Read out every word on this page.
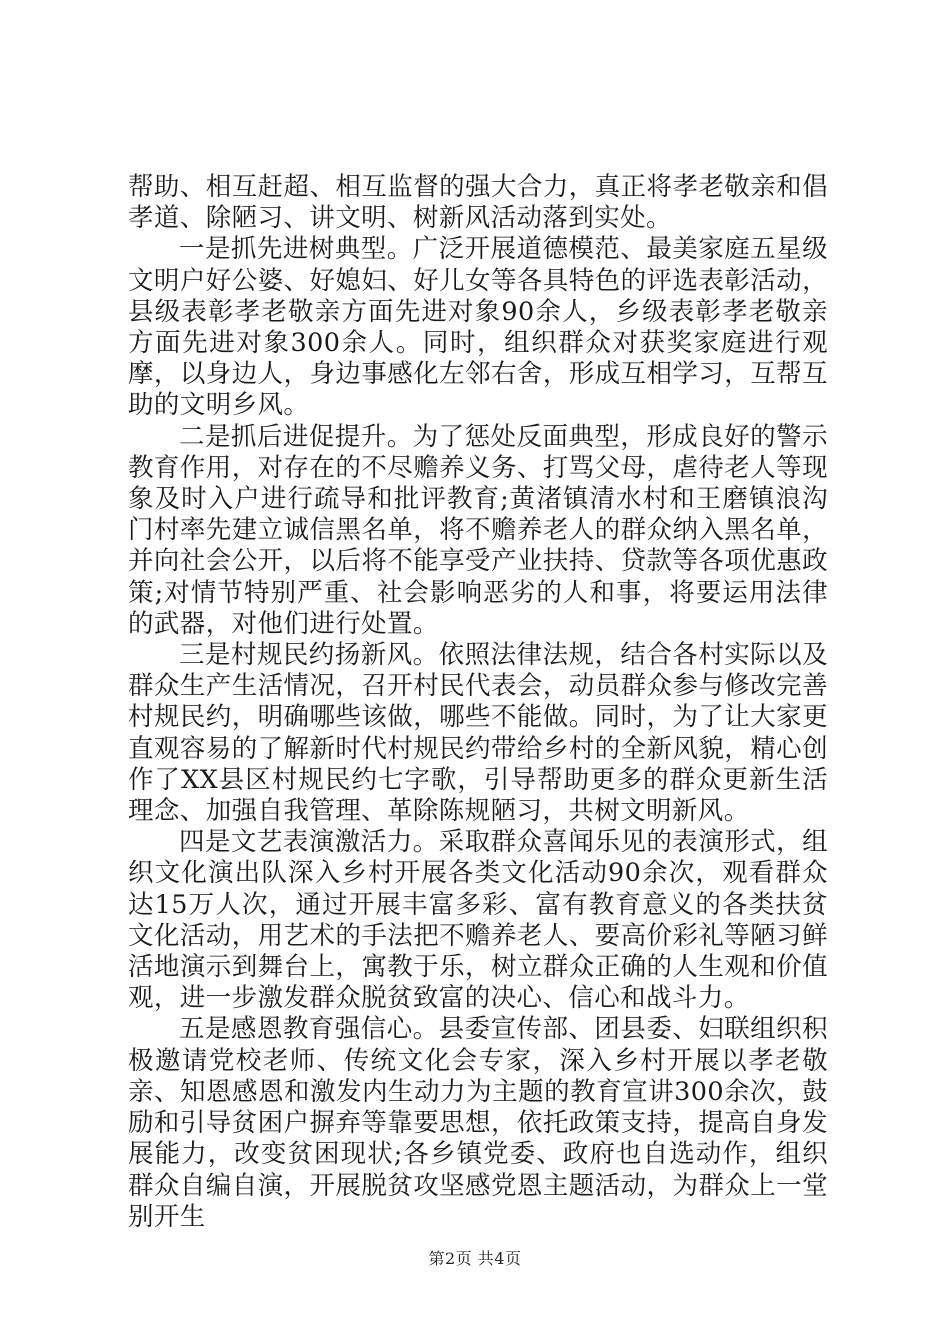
帮助、相互赶超、相互监督的强大合力，真正将孝老敬亲和倡孝道、除陋习、讲文明、树新风活动落到实处。

一是抓先进树典型。广泛开展道德模范、最美家庭五星级文明户好公婆、好媳妇、好儿女等各具特色的评选表彰活动，县级表彰孝老敬亲方面先进对象90余人，乡级表彰孝老敬亲方面先进对象300余人。同时，组织群众对获奖家庭进行观摩，以身边人，身边事感化左邻右舍，形成互相学习，互帮互助的文明乡风。

二是抓后进促提升。为了惩处反面典型，形成良好的警示教育作用，对存在的不尽赡养义务、打骂父母，虐待老人等现象及时入户进行疏导和批评教育;黄渚镇清水村和王磨镇浪沟门村率先建立诚信黑名单，将不赡养老人的群众纳入黑名单，并向社会公开，以后将不能享受产业扶持、贷款等各项优惠政策;对情节特别严重、社会影响恶劣的人和事，将要运用法律的武器，对他们进行处置。

三是村规民约扬新风。依照法律法规，结合各村实际以及群众生产生活情况，召开村民代表会，动员群众参与修改完善村规民约，明确哪些该做，哪些不能做。同时，为了让大家更直观容易的了解新时代村规民约带给乡村的全新风貌，精心创作了XX县区村规民约七字歌，引导帮助更多的群众更新生活理念、加强自我管理、革除陈规陋习，共树文明新风。

四是文艺表演激活力。采取群众喜闻乐见的表演形式，组织文化演出队深入乡村开展各类文化活动90余次，观看群众达15万人次，通过开展丰富多彩、富有教育意义的各类扶贫文化活动，用艺术的手法把不赡养老人、要高价彩礼等陋习鲜活地演示到舞台上，寓教于乐，树立群众正确的人生观和价值观，进一步激发群众脱贫致富的决心、信心和战斗力。

五是感恩教育强信心。县委宣传部、团县委、妇联组织积极邀请党校老师、传统文化会专家，深入乡村开展以孝老敬亲、知恩感恩和激发内生动力为主题的教育宣讲300余次，鼓励和引导贫困户摒弃等靠要思想，依托政策支持，提高自身发展能力，改变贫困现状;各乡镇党委、政府也自选动作，组织群众自编自演，开展脱贫攻坚感党恩主题活动，为群众上一堂别开生

第2页 共4页
